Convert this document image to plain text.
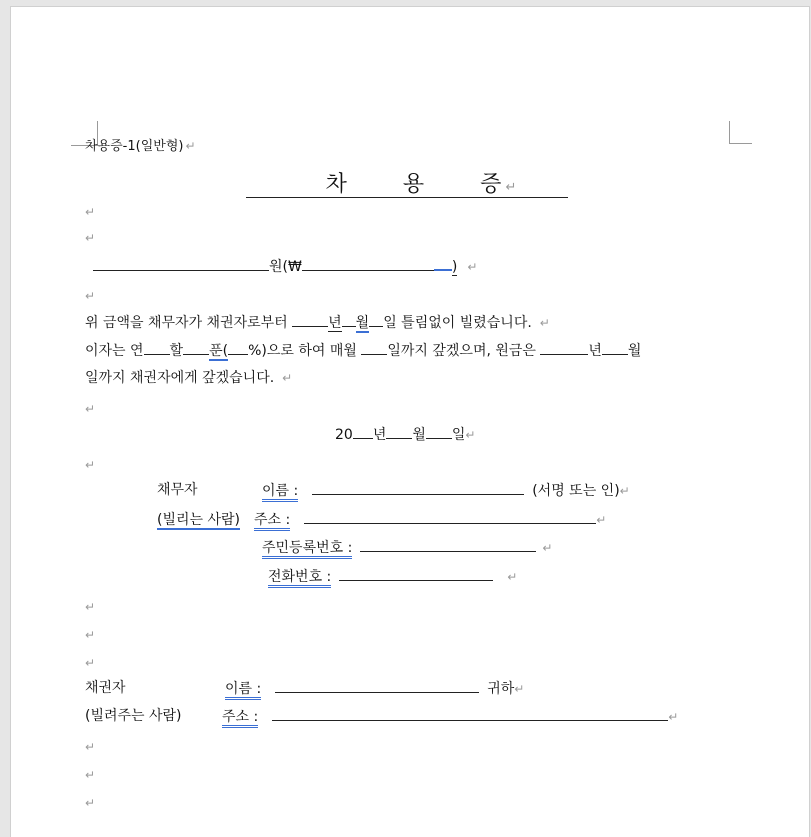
차용증-1(일반형) ↵
차	용	증 ↵
↵
↵
원(₩	) ↵
↵
위 금액을 채무자가 채권자로부터	년 월 일 틀림없이 빌렸습니다. ↵
이자는 연 할 푼( %)으로 하여 매월 일까지 갚겠으며, 원금은	년 월
일까지 채권자에게 갚겠습니다. ↵
↵
20 년 월 일↵
↵
채무자	이름 :	(서명 또는 인)↵
(빌리는 사람) 주소 :	↵
주민등록번호 :	↵
전화번호 :	↵
↵
↵
↵
채권자	이름 :	귀하↵
(빌려주는 사람)	주소 :	↵
↵
↵
↵
